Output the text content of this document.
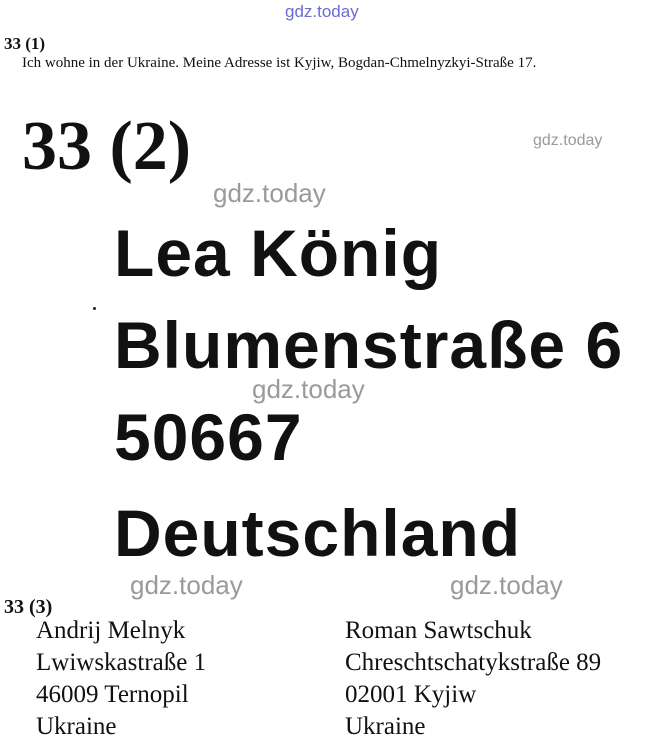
gdz.today
gdz.today
gdz.today
gdz.today
gdz.today	gdz.today
33 (1)
Ich wohne in der Ukraine. Meine Adresse ist Kyjiw, Bogdan-Chmelnyzkyi-Straße 17.
33 (2)
Lea König
Blumenstraße 6
50667
Deutschland
33 (3)
Andrij Melnyk
Lwiwskastraße 1
46009 Ternopil
Ukraine
Roman Sawtschuk
Chreschtschatykstraße 89
02001 Kyjiw
Ukraine
